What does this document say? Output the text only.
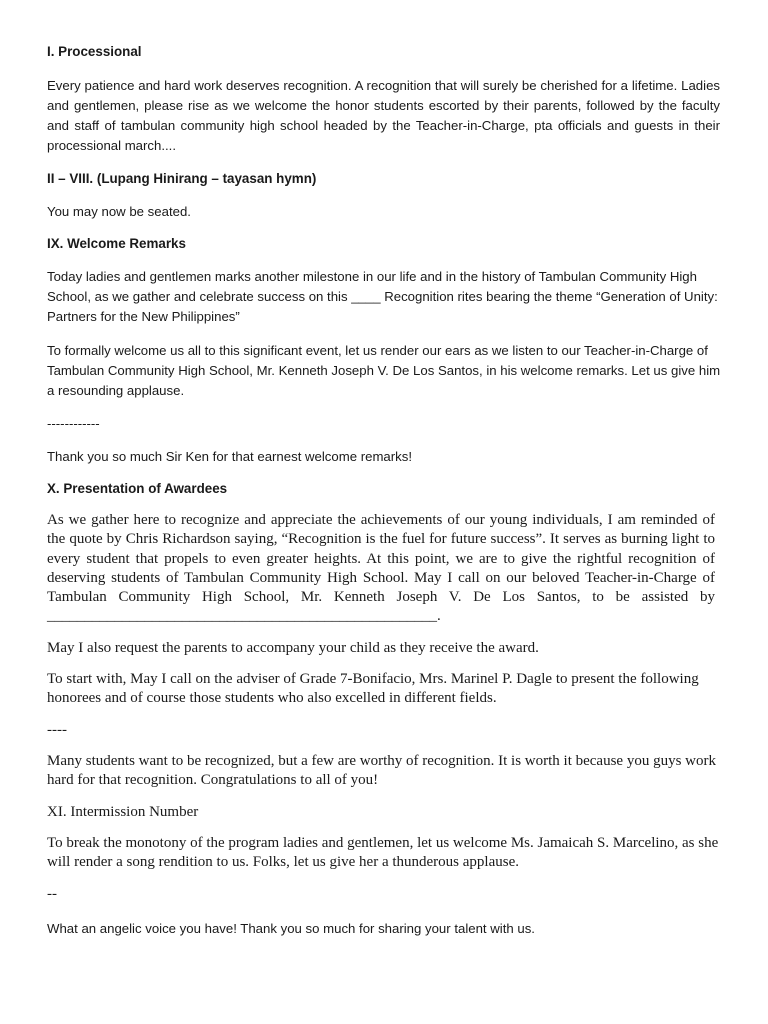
I. Processional

Every patience and hard work deserves recognition. A recognition that will surely be cherished for a lifetime. Ladies and gentlemen, please rise as we welcome the honor students escorted by their parents, followed by the faculty and staff of tambulan community high school headed by the Teacher-in-Charge, pta officials and guests in their processional march....

II – VIII. (Lupang Hinirang – tayasan hymn)

You may now be seated.

IX. Welcome Remarks

Today ladies and gentlemen marks another milestone in our life and in the history of Tambulan Community High School, as we gather and celebrate success on this ____ Recognition rites bearing the theme “Generation of Unity: Partners for the New Philippines”

To formally welcome us all to this significant event, let us render our ears as we listen to our Teacher-in-Charge of Tambulan Community High School, Mr. Kenneth Joseph V. De Los Santos, in his welcome remarks. Let us give him a resounding applause.

------------

Thank you so much Sir Ken for that earnest welcome remarks!

X. Presentation of Awardees

As we gather here to recognize and appreciate the achievements of our young individuals, I am reminded of the quote by Chris Richardson saying, “Recognition is the fuel for future success”. It serves as burning light to every student that propels to even greater heights. At this point, we are to give the rightful recognition of deserving students of Tambulan Community High School. May I call on our beloved Teacher-in-Charge of Tambulan Community High School, Mr. Kenneth Joseph V. De Los Santos, to be assisted by ____________________________________________________.

May I also request the parents to accompany your child as they receive the award.

To start with, May I call on the adviser of Grade 7-Bonifacio, Mrs. Marinel P. Dagle to present the following honorees and of course those students who also excelled in different fields.

----

Many students want to be recognized, but a few are worthy of recognition. It is worth it because you guys work hard for that recognition. Congratulations to all of you!

XI. Intermission Number

To break the monotony of the program ladies and gentlemen, let us welcome Ms. Jamaicah S. Marcelino, as she will render a song rendition to us. Folks, let us give her a thunderous applause.

--

What an angelic voice you have! Thank you so much for sharing your talent with us.
